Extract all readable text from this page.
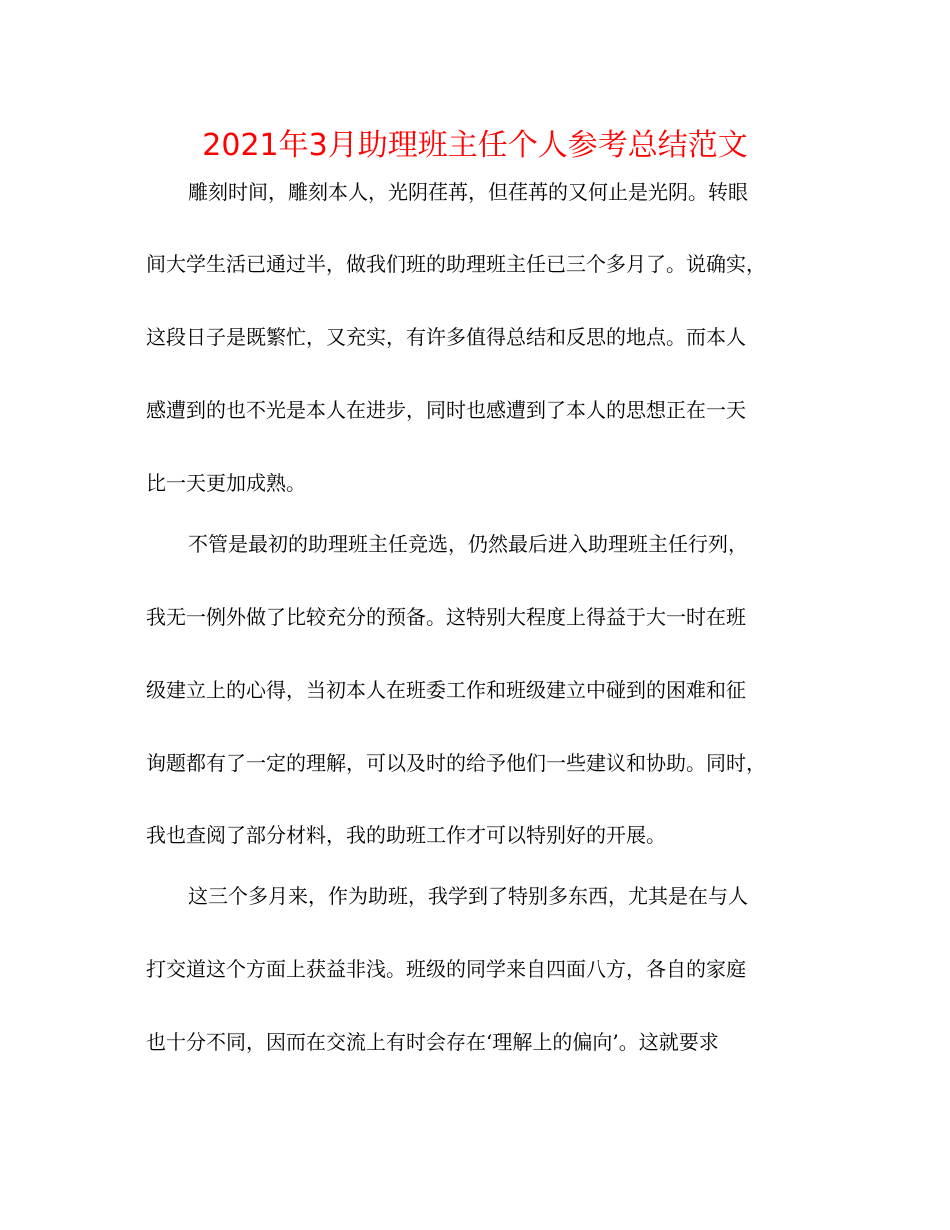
2021年3月助理班主任个人参考总结范文
雕刻时间，雕刻本人，光阴荏苒，但荏苒的又何止是光阴。转眼
间大学生活已通过半，做我们班的助理班主任已三个多月了。说确实，
这段日子是既繁忙，又充实，有许多值得总结和反思的地点。而本人
感遭到的也不光是本人在进步，同时也感遭到了本人的思想正在一天
比一天更加成熟。
不管是最初的助理班主任竞选，仍然最后进入助理班主任行列，
我无一例外做了比较充分的预备。这特别大程度上得益于大一时在班
级建立上的心得，当初本人在班委工作和班级建立中碰到的困难和征
询题都有了一定的理解，可以及时的给予他们一些建议和协助。同时，
我也查阅了部分材料，我的助班工作才可以特别好的开展。
这三个多月来，作为助班，我学到了特别多东西，尤其是在与人
打交道这个方面上获益非浅。班级的同学来自四面八方，各自的家庭
也十分不同，因而在交流上有时会存在‘理解上的偏向’。这就要求
